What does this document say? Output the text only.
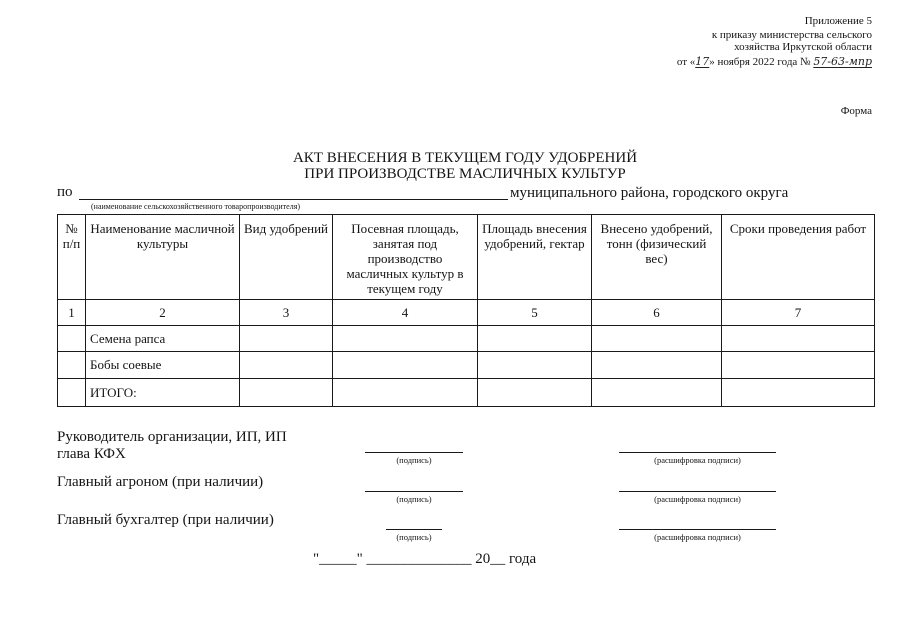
Приложение 5
к приказу министерства сельского
хозяйства Иркутской области
от «17» ноября 2022 года № 57-63-мпр
Форма
АКТ ВНЕСЕНИЯ В ТЕКУЩЕМ ГОДУ УДОБРЕНИЙ
ПРИ ПРОИЗВОДСТВЕ МАСЛИЧНЫХ КУЛЬТУР
по	муниципального района, городского округа
(наименование сельскохозяйственного товаропроизводителя)
№
п/п	Наименование масличной
культуры	Вид удобрений	Посевная площадь,
занятая под
производство
масличных культур в
текущем году	Площадь внесения
удобрений, гектар	Внесено удобрений,
тонн (физический
вес)	Сроки проведения работ
1	2	3	4	5	6	7
	Семена рапса					
	Бобы соевые					
	ИТОГО:					
Руководитель организации, ИП, ИП
глава КФХ	(подпись)	(расшифровка подписи)
Главный агроном (при наличии)
(подпись)	(расшифровка подписи)
Главный бухгалтер (при наличии)
(подпись)	(расшифровка подписи)
"_____" ______________ 20__ года
